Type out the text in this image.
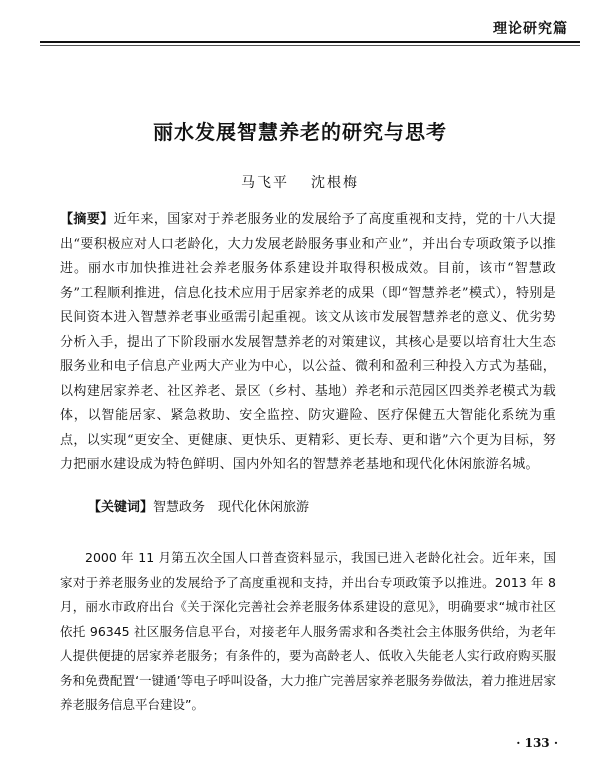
理论研究篇
丽水发展智慧养老的研究与思考
马飞平 沈根梅

【摘要】近年来，国家对于养老服务业的发展给予了高度重视和支持，党的十八大提出“要积极应对人口老龄化，大力发展老龄服务事业和产业”，并出台专项政策予以推进。丽水市加快推进社会养老服务体系建设并取得积极成效。目前，该市“智慧政务”工程顺利推进，信息化技术应用于居家养老的成果（即“智慧养老”模式），特别是民间资本进入智慧养老事业亟需引起重视。该文从该市发展智慧养老的意义、优劣势分析入手，提出了下阶段丽水发展智慧养老的对策建议，其核心是要以培育壮大生态服务业和电子信息产业两大产业为中心，以公益、微利和盈利三种投入方式为基础，以构建居家养老、社区养老、景区（乡村、基地）养老和示范园区四类养老模式为载体，以智能居家、紧急救助、安全监控、防灾避险、医疗保健五大智能化系统为重点，以实现“更安全、更健康、更快乐、更精彩、更长寿、更和谐”六个更为目标，努力把丽水建设成为特色鲜明、国内外知名的智慧养老基地和现代化休闲旅游名城。

【关键词】智慧政务　现代化休闲旅游

2000 年 11 月第五次全国人口普查资料显示，我国已进入老龄化社会。近年来，国家对于养老服务业的发展给予了高度重视和支持，并出台专项政策予以推进。2013 年 8 月，丽水市政府出台《关于深化完善社会养老服务体系建设的意见》，明确要求“城市社区依托 96345 社区服务信息平台，对接老年人服务需求和各类社会主体服务供给，为老年人提供便捷的居家养老服务；有条件的，要为高龄老人、低收入失能老人实行政府购买服务和免费配置‘一键通’等电子呼叫设备，大力推广完善居家养老服务券做法，着力推进居家养老服务信息平台建设”。

· 133 ·
